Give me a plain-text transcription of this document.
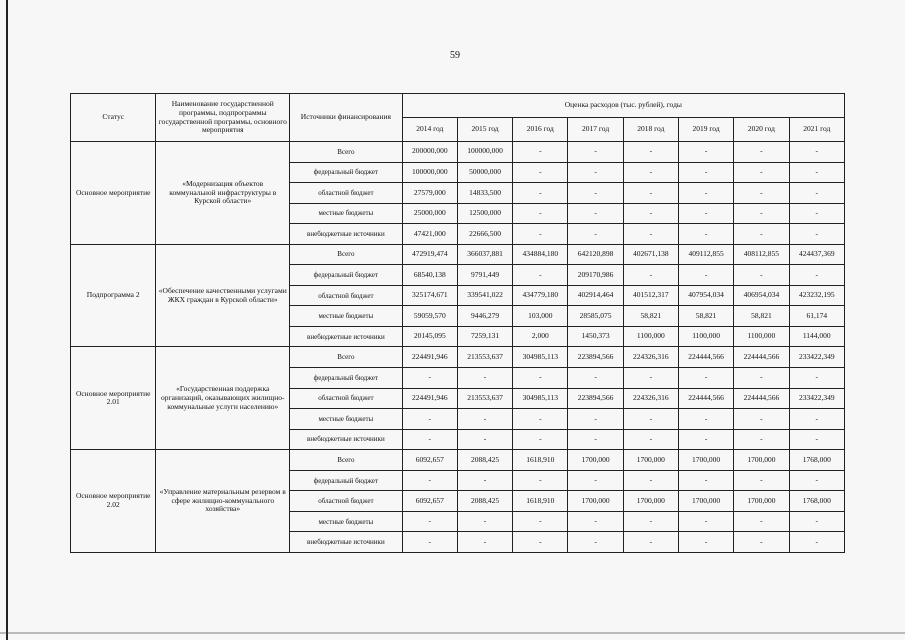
59
Статус	Наименование государственной программы, подпрограммы государственной программы, основного мероприятия	Источники финансирования	Оценка расходов (тыс. рублей), годы							
			2014 год	2015 год	2016 год	2017 год	2018 год	2019 год	2020 год	2021 год
Основное мероприятие	«Модернизация объектов коммунальной инфраструктуры в Курской области»	Всего	200000,000	100000,000	-	-	-	-	-	-
		федеральный бюджет	100000,000	50000,000	-	-	-	-	-	-
		областной бюджет	27579,000	14833,500	-	-	-	-	-	-
		местные бюджеты	25000,000	12500,000	-	-	-	-	-	-
		внебюджетные источники	47421,000	22666,500	-	-	-	-	-	-
Подпрограмма 2	«Обеспечение качественными услугами ЖКХ граждан в Курской области»	Всего	472919,474	366037,881	434884,180	642120,898	402671,138	409112,855	408112,855	424437,369
		федеральный бюджет	68540,138	9791,449	-	209170,986	-	-	-	-
		областной бюджет	325174,671	339541,022	434779,180	402914,464	401512,317	407954,034	406954,034	423232,195
		местные бюджеты	59059,570	9446,279	103,000	28585,075	58,821	58,821	58,821	61,174
		внебюджетные источники	20145,095	7259,131	2,000	1450,373	1100,000	1100,000	1100,000	1144,000
Основное мероприятие 2.01	«Государственная поддержка организаций, оказывающих жилищно-коммунальные услуги населению»	Всего	224491,946	213553,637	304985,113	223894,566	224326,316	224444,566	224444,566	233422,349
		федеральный бюджет	-	-	-	-	-	-	-	-
		областной бюджет	224491,946	213553,637	304985,113	223894,566	224326,316	224444,566	224444,566	233422,349
		местные бюджеты	-	-	-	-	-	-	-	-
		внебюджетные источники	-	-	-	-	-	-	-	-
Основное мероприятие 2.02	«Управление материальным резервом в сфере жилищно-коммунального хозяйства»	Всего	6092,657	2088,425	1618,910	1700,000	1700,000	1700,000	1700,000	1768,000
		федеральный бюджет	-	-	-	-	-	-	-	-
		областной бюджет	6092,657	2088,425	1618,910	1700,000	1700,000	1700,000	1700,000	1768,000
		местные бюджеты	-	-	-	-	-	-	-	-
		внебюджетные источники	-	-	-	-	-	-	-	-
